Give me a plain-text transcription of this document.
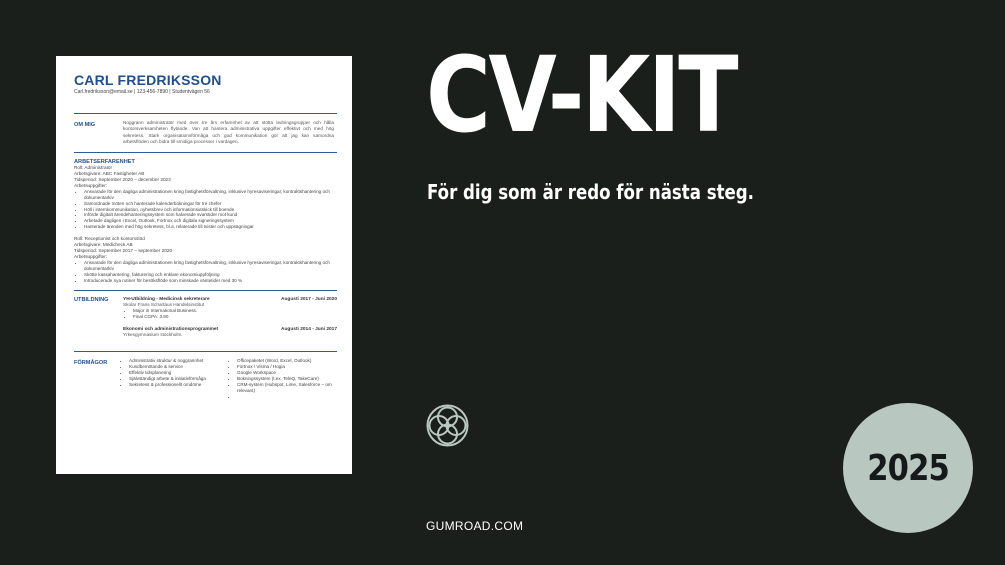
CARL FREDRIKSSON
Carl.fredriksson@email.se | 123-456-7890 | Studentvägen 56
OM MIG	Noggrann administratör med över tre års erfarenhet av att stötta ledningsgrupper och hålla kontorsverksamheten flytande. Van att hantera administrativa uppgifter effektivt och med hög sekretess. Stark organisationsförmåga och god kommunikation gör att jag kan samordna arbetsflöden och bidra till smidiga processer i vardagen.
ARBETSERFARENHET
Roll: Administratör
Arbetsgivare: ABC Fastigheter AB
Tidsperiod: September 2020 – december 2023
Arbetsuppgifter:
• Ansvarade för den dagliga administrationen kring fastighetsförvaltning, inklusive hyresaviseringar, kontraktshantering och dokumentarkiv
• Samordnade möten och hanterade kalenderbokningar för tre chefer
• Höll i internkommunikation, nyhetsbrev och informationsutskick till boende
• Införde digitalt ärendehanteringssystem som halverade svarstider mot kund
• Arbetade dagligen i Excel, Outlook, Fortnox och digitala signeringssystem
• Hanterade ärenden med hög sekretess, bl.a. relaterade till tvister och uppsägningar
Roll: Receptionist och kontorsstöd
Arbetsgivare: Medicheck AB
Tidsperiod: September 2017 – september 2020
Arbetsuppgifter:
• Ansvarade för den dagliga administrationen kring fastighetsförvaltning, inklusive hyresaviseringar, kontraktshantering och dokumentarkiv
• Skötte kassahantering, fakturering och enklare ekonomiuppföljning
• Introducerade nya rutiner för besöksflöde som minskade väntetider med 30 %
UTBILDNING	YH-Utbildning - Medicinsk sekreterare	Augusti 2017 - Juni 2020
Skolar Frans Schartaus Handelsinstitut
• Major in International Business.
• Final CGPA: 3.90
Ekonomi och administrationsprogrammet	Augusti 2014 - Juni 2017
Yrkesgymnasium stockholm.
FÖRMÅGOR
•	Administrativ struktur & noggrannhet
• Kundbemötande & service
• Effektiv tidsplanering
• Självständigt arbete & initiativförmåga
• Sekretess & professionellt omdöme
• Officepaketet (Word, Excel, Outlook)
• Fortnox / Visma / Hogia
• Google Workspace
• Bokningssystem (t.ex. TeleQ, TakeCare)
• CRM-system (Hubspot, Lime, Salesforce – om relevant)
•
CV-KIT
För dig som är redo för nästa steg.
GUMROAD.COM
2025
